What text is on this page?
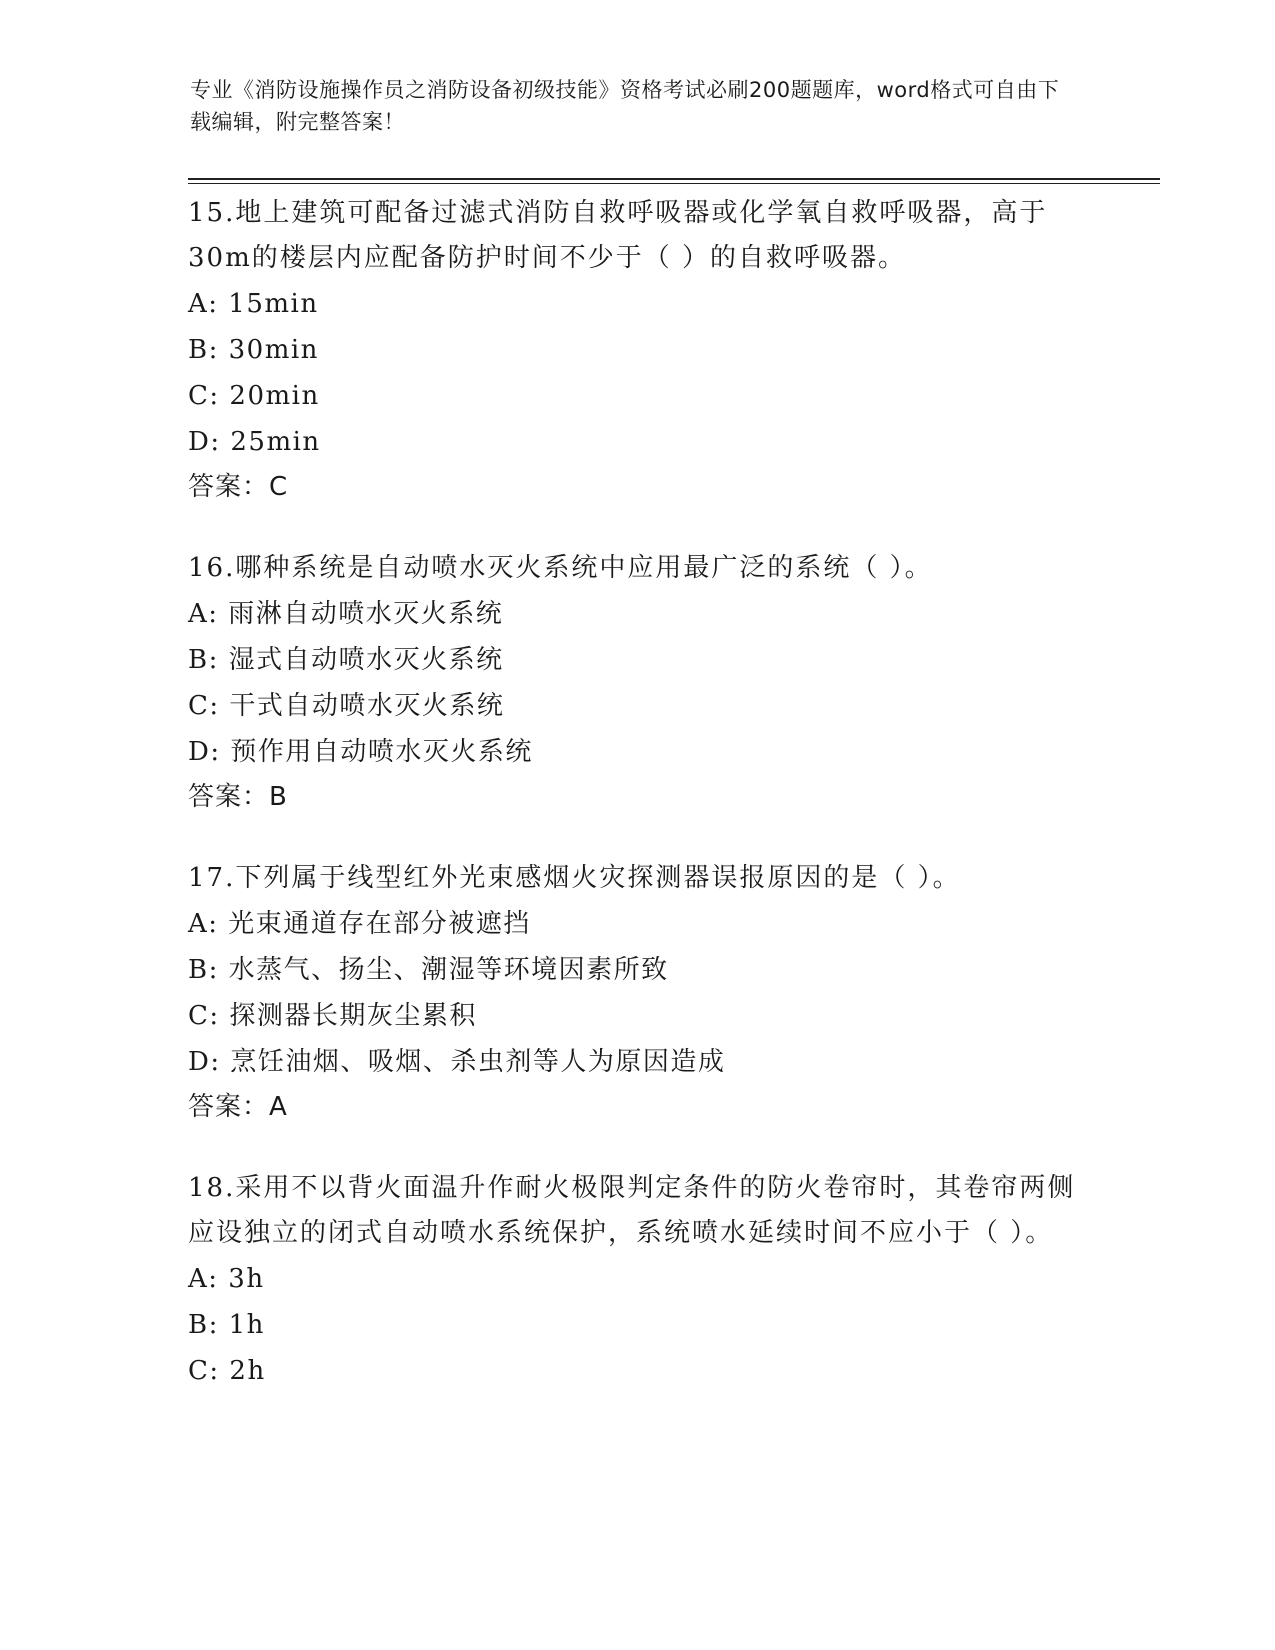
专业《消防设施操作员之消防设备初级技能》资格考试必刷200题题库，word格式可自由下载编辑，附完整答案！
15.地上建筑可配备过滤式消防自救呼吸器或化学氧自救呼吸器，高于30m的楼层内应配备防护时间不少于（ ）的自救呼吸器。
A: 15min
B: 30min
C: 20min
D: 25min
答案：C
16.哪种系统是自动喷水灭火系统中应用最广泛的系统（ ）。
A: 雨淋自动喷水灭火系统
B: 湿式自动喷水灭火系统
C: 干式自动喷水灭火系统
D: 预作用自动喷水灭火系统
答案：B
17.下列属于线型红外光束感烟火灾探测器误报原因的是（ ）。
A: 光束通道存在部分被遮挡
B: 水蒸气、扬尘、潮湿等环境因素所致
C: 探测器长期灰尘累积
D: 烹饪油烟、吸烟、杀虫剂等人为原因造成
答案：A
18.采用不以背火面温升作耐火极限判定条件的防火卷帘时，其卷帘两侧应设独立的闭式自动喷水系统保护，系统喷水延续时间不应小于（ ）。
A: 3h
B: 1h
C: 2h
